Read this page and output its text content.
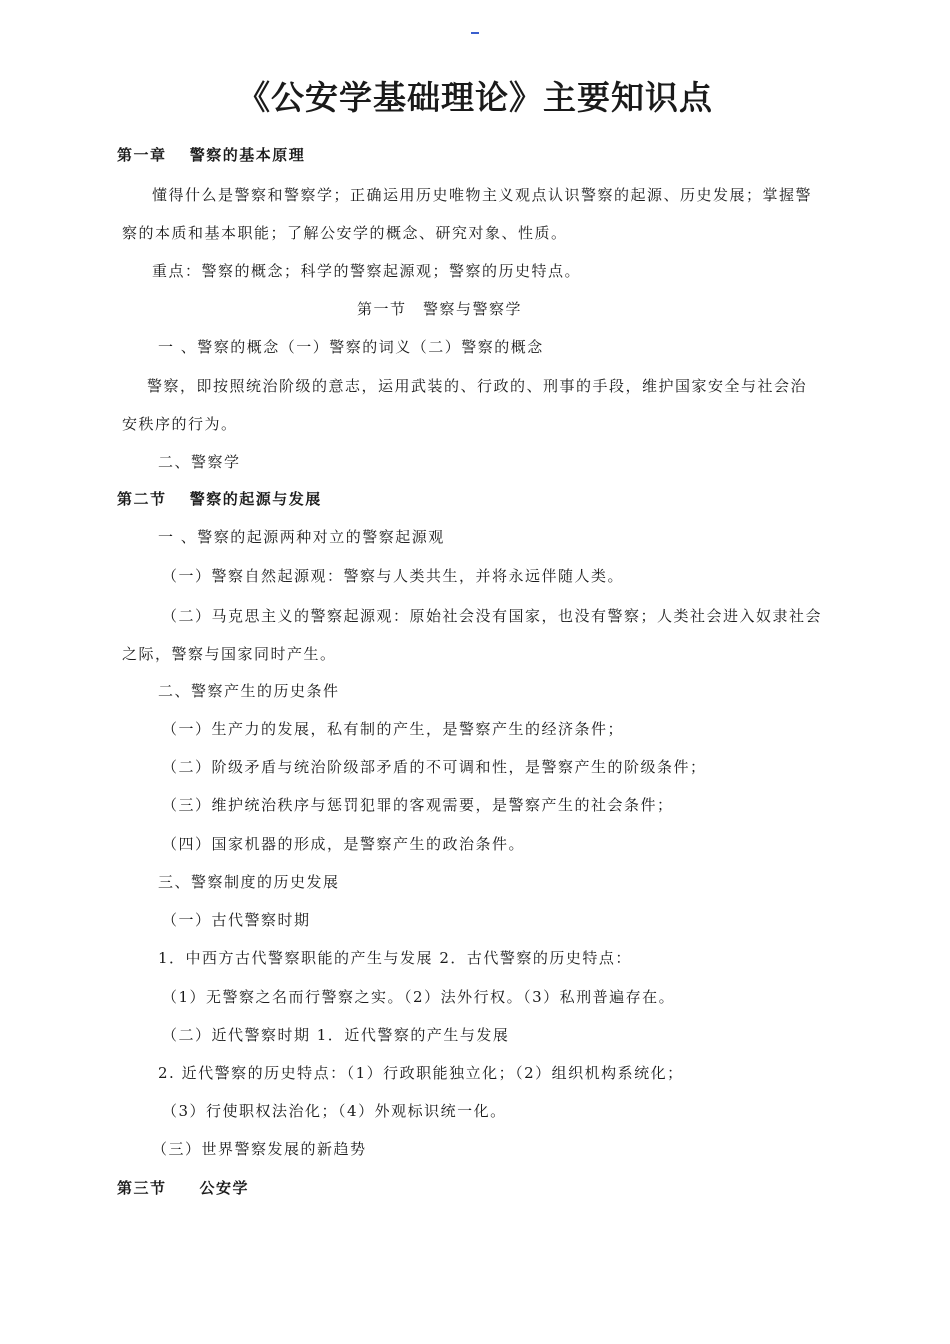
《公安学基础理论》主要知识点

第一章　 警察的基本原理

懂得什么是警察和警察学；正确运用历史唯物主义观点认识警察的起源、历史发展；掌握警

察的本质和基本职能；了解公安学的概念、研究对象、性质。

重点：警察的概念；科学的警察起源观；警察的历史特点。

第一节　警察与警察学

一 、警察的概念（一）警察的词义（二）警察的概念

警察，即按照统治阶级的意志，运用武装的、行政的、刑事的手段，维护国家安全与社会治

安秩序的行为。

二、警察学

第二节　 警察的起源与发展

一 、警察的起源两种对立的警察起源观

（一）警察自然起源观：警察与人类共生，并将永远伴随人类。

（二）马克思主义的警察起源观：原始社会没有国家，也没有警察；人类社会进入奴隶社会

之际，警察与国家同时产生。

二、警察产生的历史条件

（一）生产力的发展，私有制的产生，是警察产生的经济条件；

（二）阶级矛盾与统治阶级部矛盾的不可调和性，是警察产生的阶级条件；

（三）维护统治秩序与惩罚犯罪的客观需要，是警察产生的社会条件；

（四）国家机器的形成，是警察产生的政治条件。

三、警察制度的历史发展

（一）古代警察时期

1．中西方古代警察职能的产生与发展 2．古代警察的历史特点：

（1）无警察之名而行警察之实。（2）法外行权。（3）私刑普遍存在。

（二）近代警察时期 1．近代警察的产生与发展

2. 近代警察的历史特点：（1）行政职能独立化；（2）组织机构系统化；

（3）行使职权法治化；（4）外观标识统一化。

（三）世界警察发展的新趋势

第三节　　公安学
